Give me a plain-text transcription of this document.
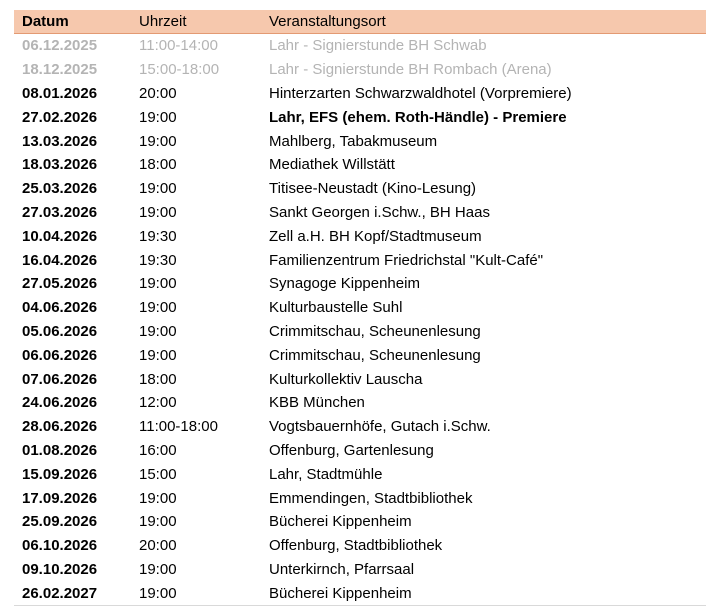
Datum	Uhrzeit	Veranstaltungsort
06.12.2025	11:00-14:00	Lahr - Signierstunde BH Schwab
18.12.2025	15:00-18:00	Lahr - Signierstunde BH Rombach (Arena)
08.01.2026	20:00	Hinterzarten Schwarzwaldhotel (Vorpremiere)
27.02.2026	19:00	Lahr, EFS (ehem. Roth-Händle) - Premiere
13.03.2026	19:00	Mahlberg, Tabakmuseum
18.03.2026	18:00	Mediathek Willstätt
25.03.2026	19:00	Titisee-Neustadt (Kino-Lesung)
27.03.2026	19:00	Sankt Georgen i.Schw., BH Haas
10.04.2026	19:30	Zell a.H. BH Kopf/Stadtmuseum
16.04.2026	19:30	Familienzentrum Friedrichstal "Kult-Café"
27.05.2026	19:00	Synagoge Kippenheim
04.06.2026	19:00	Kulturbaustelle Suhl
05.06.2026	19:00	Crimmitschau, Scheunenlesung
06.06.2026	19:00	Crimmitschau, Scheunenlesung
07.06.2026	18:00	Kulturkollektiv Lauscha
24.06.2026	12:00	KBB München
28.06.2026	11:00-18:00	Vogtsbauernhöfe, Gutach i.Schw.
01.08.2026	16:00	Offenburg, Gartenlesung
15.09.2026	15:00	Lahr, Stadtmühle
17.09.2026	19:00	Emmendingen, Stadtbibliothek
25.09.2026	19:00	Bücherei Kippenheim
06.10.2026	20:00	Offenburg, Stadtbibliothek
09.10.2026	19:00	Unterkirnch, Pfarrsaal
26.02.2027	19:00	Bücherei Kippenheim
